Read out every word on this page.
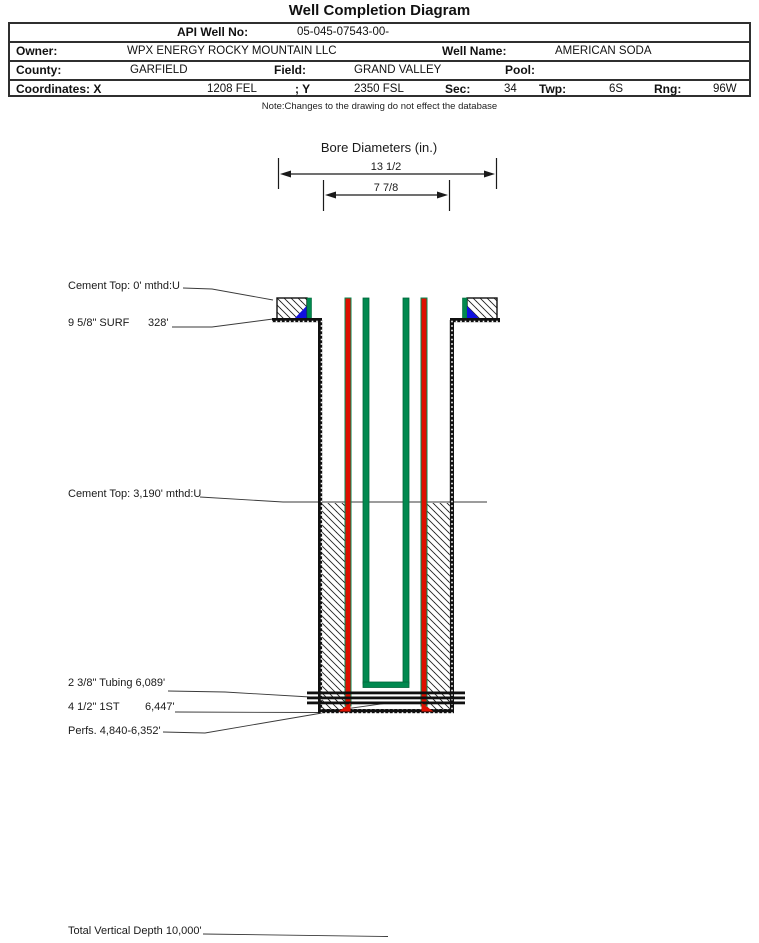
Well Completion Diagram
API Well No:	05-045-07543-00-
Owner:	WPX ENERGY ROCKY MOUNTAIN LLC	Well Name:	AMERICAN SODA
County:	GARFIELD	Field:	GRAND VALLEY	Pool:
Coordinates: X	1208 FEL	; Y	2350 FSL	Sec:	34 Twp:	6S	Rng:	96W
Note:Changes to the drawing do not effect the database
Bore Diameters (in.)
13 1/2
7 7/8
Cement Top: 0' mthd:U
9 5/8" SURF 328'
Cement Top: 3,190' mthd:U
2 3/8" Tubing 6,089'
4 1/2" 1ST 6,447'
Perfs. 4,840-6,352'
Total Vertical Depth 10,000'
